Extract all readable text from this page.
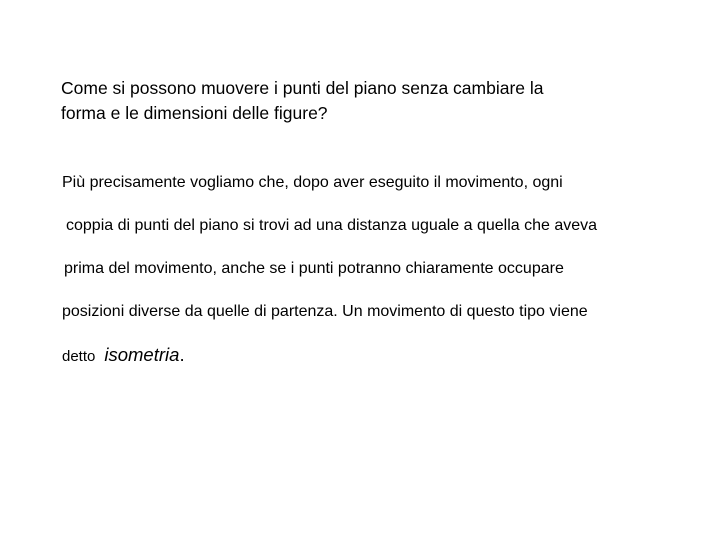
Come si possono muovere i punti del piano senza cambiare la
forma e le dimensioni delle figure?
Più precisamente vogliamo che, dopo aver eseguito il movimento, ogni
coppia di punti del piano si trovi ad una distanza uguale a quella che aveva
prima del movimento, anche se i punti potranno chiaramente occupare
posizioni diverse da quelle di partenza. Un movimento di questo tipo viene
detto isometria.
